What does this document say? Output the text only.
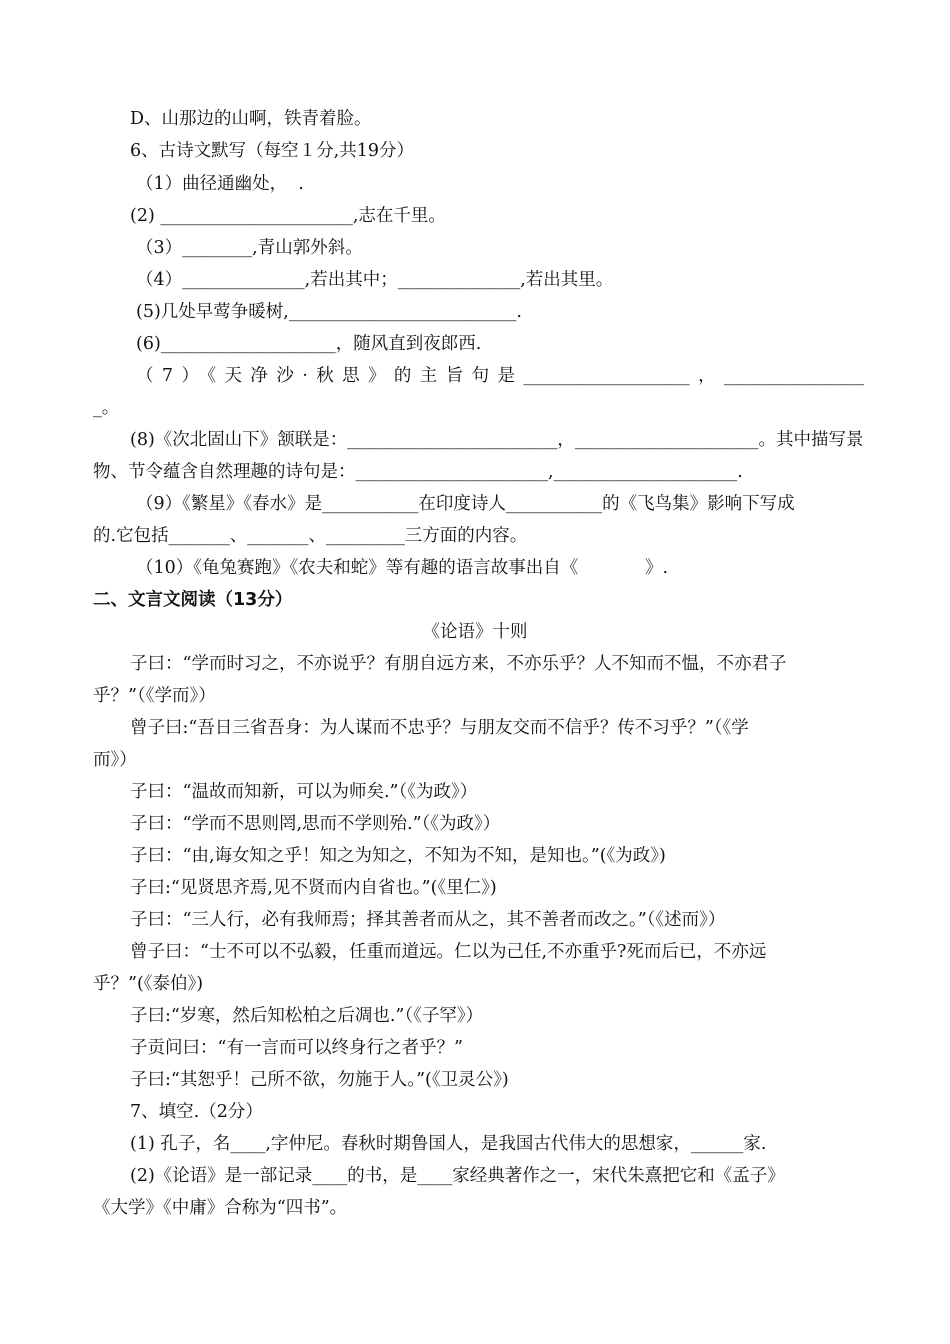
D、山那边的山啊，铁青着脸。
6、古诗文默写（每空１分,共19分）
（1）曲径通幽处，  .
(2) ______________________,志在千里。
（3）________,青山郭外斜。
（4）______________,若出其中；______________,若出其里。
(5)几处早莺争暖树,__________________________.
(6)____________________，随风直到夜郎西.
（7）《天净沙·秋思》的主旨句是___________________，________________
_。
(8)《次北固山下》颔联是：________________________，_____________________。其中描写景
物、节令蕴含自然理趣的诗句是：______________________,_____________________.
（9）《繁星》《春水》是___________在印度诗人___________的《飞鸟集》影响下写成
的.它包括_______、_______、_________三方面的内容。
（10）《龟兔赛跑》《农夫和蛇》等有趣的语言故事出自《            》.
二、文言文阅读（13分）
《论语》十则
子曰：“学而时习之，不亦说乎？有朋自远方来，不亦乐乎？人不知而不愠，不亦君子
乎？”（《学而》）
曾子曰:“吾日三省吾身：为人谋而不忠乎？与朋友交而不信乎？传不习乎？”（《学
而》）
子曰：“温故而知新，可以为师矣.”（《为政》）
子曰：“学而不思则罔,思而不学则殆.”（《为政》）
子曰：“由,诲女知之乎！知之为知之，不知为不知，是知也。”(《为政》)
子曰:“见贤思齐焉,见不贤而内自省也。”(《里仁》)
子曰：“三人行，必有我师焉；择其善者而从之，其不善者而改之。”（《述而》）
曾子曰：“士不可以不弘毅，任重而道远。仁以为己任,不亦重乎?死而后已，不亦远
乎？”(《泰伯》)
子曰:“岁寒，然后知松柏之后凋也.”（《子罕》）
子贡问曰：“有一言而可以终身行之者乎？”
子曰:“其恕乎！己所不欲，勿施于人。”(《卫灵公》)
7、填空.（2分）
(1) 孔子，名____,字仲尼。春秋时期鲁国人，是我国古代伟大的思想家，______家.
(2)《论语》是一部记录____的书，是____家经典著作之一，宋代朱熹把它和《孟子》
《大学》《中庸》合称为“四书”。
